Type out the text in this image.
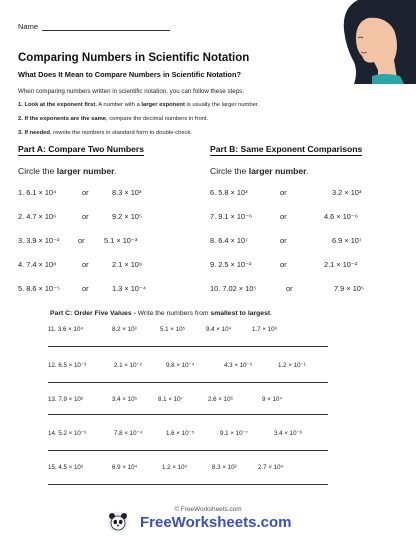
Name
Comparing Numbers in Scientific Notation
What Does It Mean to Compare Numbers in Scientific Notation?
When comparing numbers written in scientific notation, you can follow these steps:
1. Look at the exponent first. A number with a larger exponent is usually the larger number.
2. If the exponents are the same, compare the decimal numbers in front.
3. If needed, rewrite the numbers in standard form to double-check.
Part A: Compare Two Numbers
Circle the larger number.
1. 6.1 × 10⁴	or	8.3 × 10³
2. 4.7 × 10⁶	or	9.2 × 10⁵
3. 3.9 × 10⁻²	or	5.1 × 10⁻³
4. 7.4 × 10⁸	or	2.1 × 10⁹
5. 8.6 × 10⁻⁵	or	1.3 × 10⁻⁴
Part B: Same Exponent Comparisons
Circle the larger number.
6. 5.8 × 10³	or	3.2 × 10³
7. 9.1 × 10⁻⁶	or	4.6 × 10⁻⁶
8. 6.4 × 10⁷	or	6.9 × 10⁷
9. 2.5 × 10⁻²	or	2.1 × 10⁻²
10. 7.02 × 10⁵	or	7.9 × 10⁵
Part C: Order Five Values - Write the numbers from smallest to largest.
11. 3.6 × 10⁴	8.2 × 10³	5.1 × 10⁵	9.4 × 10⁴	1.7 × 10⁶
12. 6.5 × 10⁻³	2.1 × 10⁻²	9.8 × 10⁻⁴	4.3 × 10⁻³	1.2 × 10⁻¹
13. 7.9 × 10⁶	3.4 × 10⁵	8.1 × 10⁷	2.6 × 10⁶	9 × 10⁴
14. 5.2 × 10⁻⁶	7.8 × 10⁻⁴	1.6 × 10⁻⁵	9.1 × 10⁻⁷	3.4 × 10⁻⁶
15. 4.5 × 10³	6.9 × 10⁴	1.2 × 10⁵	8.3 × 10²	2.7 × 10⁴
© FreeWorksheets.com
FreeWorksheets.com
